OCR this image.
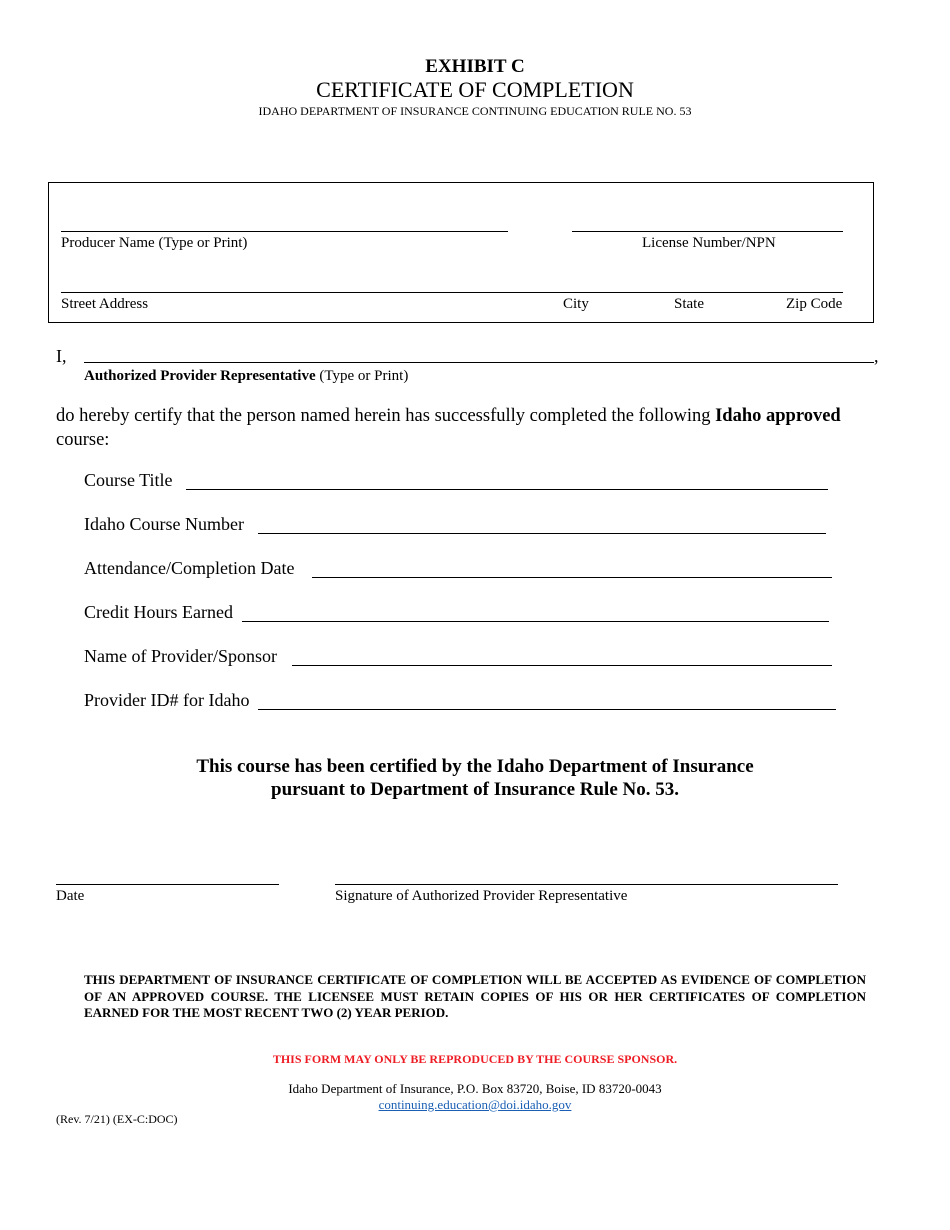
EXHIBIT C
CERTIFICATE OF COMPLETION
IDAHO DEPARTMENT OF INSURANCE CONTINUING EDUCATION RULE NO. 53
Producer Name (Type or Print)	License Number/NPN
Street Address	City	State	Zip Code
I,	,
Authorized Provider Representative (Type or Print)
do hereby certify that the person named herein has successfully completed the following Idaho approved
course:
Course Title
Idaho Course Number
Attendance/Completion Date
Credit Hours Earned
Name of Provider/Sponsor
Provider ID# for Idaho
This course has been certified by the Idaho Department of Insurance
pursuant to Department of Insurance Rule No. 53.
Date	Signature of Authorized Provider Representative
THIS DEPARTMENT OF INSURANCE CERTIFICATE OF COMPLETION WILL BE ACCEPTED AS EVIDENCE OF COMPLETION OF AN APPROVED COURSE. THE LICENSEE MUST RETAIN COPIES OF HIS OR HER CERTIFICATES OF COMPLETION EARNED FOR THE MOST RECENT TWO (2) YEAR PERIOD.
THIS FORM MAY ONLY BE REPRODUCED BY THE COURSE SPONSOR.
Idaho Department of Insurance, P.O. Box 83720, Boise, ID 83720-0043
continuing.education@doi.idaho.gov
(Rev. 7/21) (EX-C:DOC)
